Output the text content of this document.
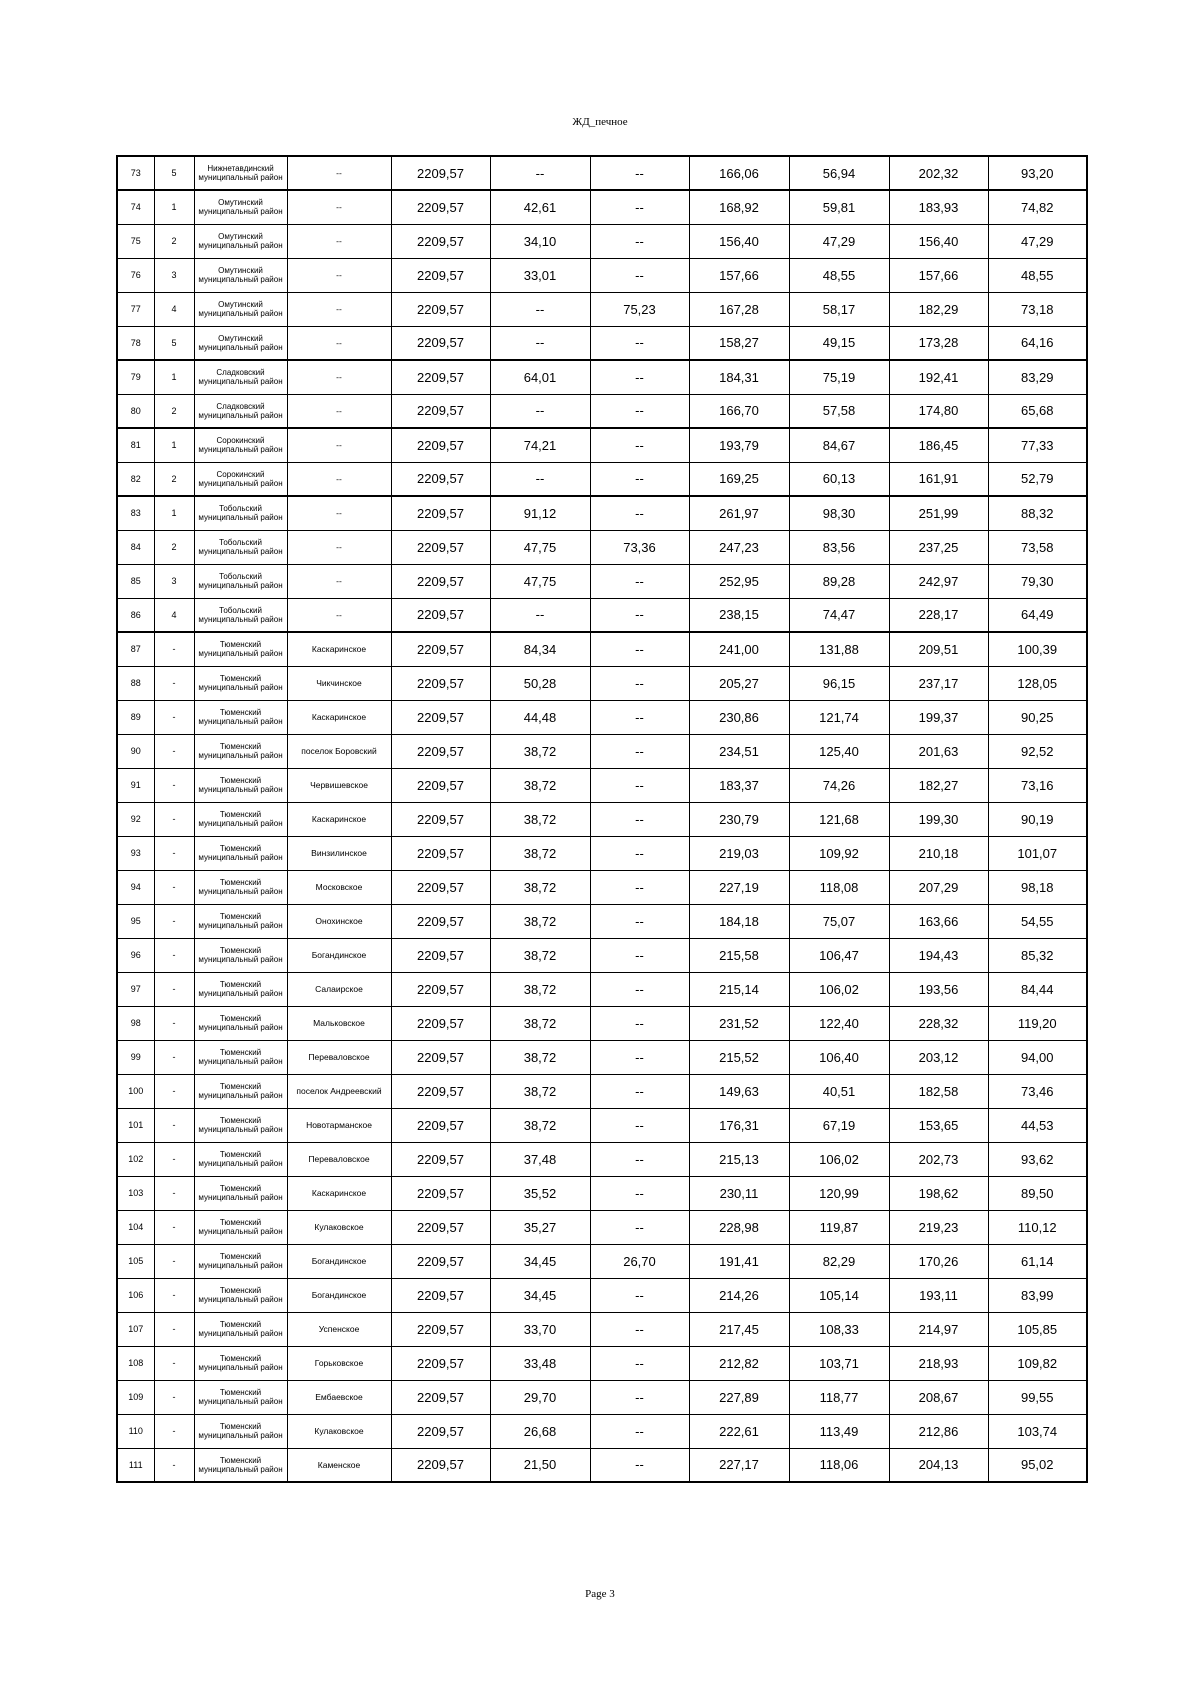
ЖД_печное
73	5	Нижнетавдинский муниципальный район	--	2209,57	--	--	166,06	56,94	202,32	93,20
74	1	Омутинский муниципальный район	--	2209,57	42,61	--	168,92	59,81	183,93	74,82
75	2	Омутинский муниципальный район	--	2209,57	34,10	--	156,40	47,29	156,40	47,29
76	3	Омутинский муниципальный район	--	2209,57	33,01	--	157,66	48,55	157,66	48,55
77	4	Омутинский муниципальный район	--	2209,57	--	75,23	167,28	58,17	182,29	73,18
78	5	Омутинский муниципальный район	--	2209,57	--	--	158,27	49,15	173,28	64,16
79	1	Сладковский муниципальный район	--	2209,57	64,01	--	184,31	75,19	192,41	83,29
80	2	Сладковский муниципальный район	--	2209,57	--	--	166,70	57,58	174,80	65,68
81	1	Сорокинский муниципальный район	--	2209,57	74,21	--	193,79	84,67	186,45	77,33
82	2	Сорокинский муниципальный район	--	2209,57	--	--	169,25	60,13	161,91	52,79
83	1	Тобольский муниципальный район	--	2209,57	91,12	--	261,97	98,30	251,99	88,32
84	2	Тобольский муниципальный район	--	2209,57	47,75	73,36	247,23	83,56	237,25	73,58
85	3	Тобольский муниципальный район	--	2209,57	47,75	--	252,95	89,28	242,97	79,30
86	4	Тобольский муниципальный район	--	2209,57	--	--	238,15	74,47	228,17	64,49
87	-	Тюменский муниципальный район	Каскаринское	2209,57	84,34	--	241,00	131,88	209,51	100,39
88	-	Тюменский муниципальный район	Чикчинское	2209,57	50,28	--	205,27	96,15	237,17	128,05
89	-	Тюменский муниципальный район	Каскаринское	2209,57	44,48	--	230,86	121,74	199,37	90,25
90	-	Тюменский муниципальный район	поселок Боровский	2209,57	38,72	--	234,51	125,40	201,63	92,52
91	-	Тюменский муниципальный район	Червишевское	2209,57	38,72	--	183,37	74,26	182,27	73,16
92	-	Тюменский муниципальный район	Каскаринское	2209,57	38,72	--	230,79	121,68	199,30	90,19
93	-	Тюменский муниципальный район	Винзилинское	2209,57	38,72	--	219,03	109,92	210,18	101,07
94	-	Тюменский муниципальный район	Московское	2209,57	38,72	--	227,19	118,08	207,29	98,18
95	-	Тюменский муниципальный район	Онохинское	2209,57	38,72	--	184,18	75,07	163,66	54,55
96	-	Тюменский муниципальный район	Богандинское	2209,57	38,72	--	215,58	106,47	194,43	85,32
97	-	Тюменский муниципальный район	Салаирское	2209,57	38,72	--	215,14	106,02	193,56	84,44
98	-	Тюменский муниципальный район	Мальковское	2209,57	38,72	--	231,52	122,40	228,32	119,20
99	-	Тюменский муниципальный район	Переваловское	2209,57	38,72	--	215,52	106,40	203,12	94,00
100	-	Тюменский муниципальный район	поселок Андреевский	2209,57	38,72	--	149,63	40,51	182,58	73,46
101	-	Тюменский муниципальный район	Новотарманское	2209,57	38,72	--	176,31	67,19	153,65	44,53
102	-	Тюменский муниципальный район	Переваловское	2209,57	37,48	--	215,13	106,02	202,73	93,62
103	-	Тюменский муниципальный район	Каскаринское	2209,57	35,52	--	230,11	120,99	198,62	89,50
104	-	Тюменский муниципальный район	Кулаковское	2209,57	35,27	--	228,98	119,87	219,23	110,12
105	-	Тюменский муниципальный район	Богандинское	2209,57	34,45	26,70	191,41	82,29	170,26	61,14
106	-	Тюменский муниципальный район	Богандинское	2209,57	34,45	--	214,26	105,14	193,11	83,99
107	-	Тюменский муниципальный район	Успенское	2209,57	33,70	--	217,45	108,33	214,97	105,85
108	-	Тюменский муниципальный район	Горьковское	2209,57	33,48	--	212,82	103,71	218,93	109,82
109	-	Тюменский муниципальный район	Ембаевское	2209,57	29,70	--	227,89	118,77	208,67	99,55
110	-	Тюменский муниципальный район	Кулаковское	2209,57	26,68	--	222,61	113,49	212,86	103,74
111	-	Тюменский муниципальный район	Каменское	2209,57	21,50	--	227,17	118,06	204,13	95,02
Page 3
